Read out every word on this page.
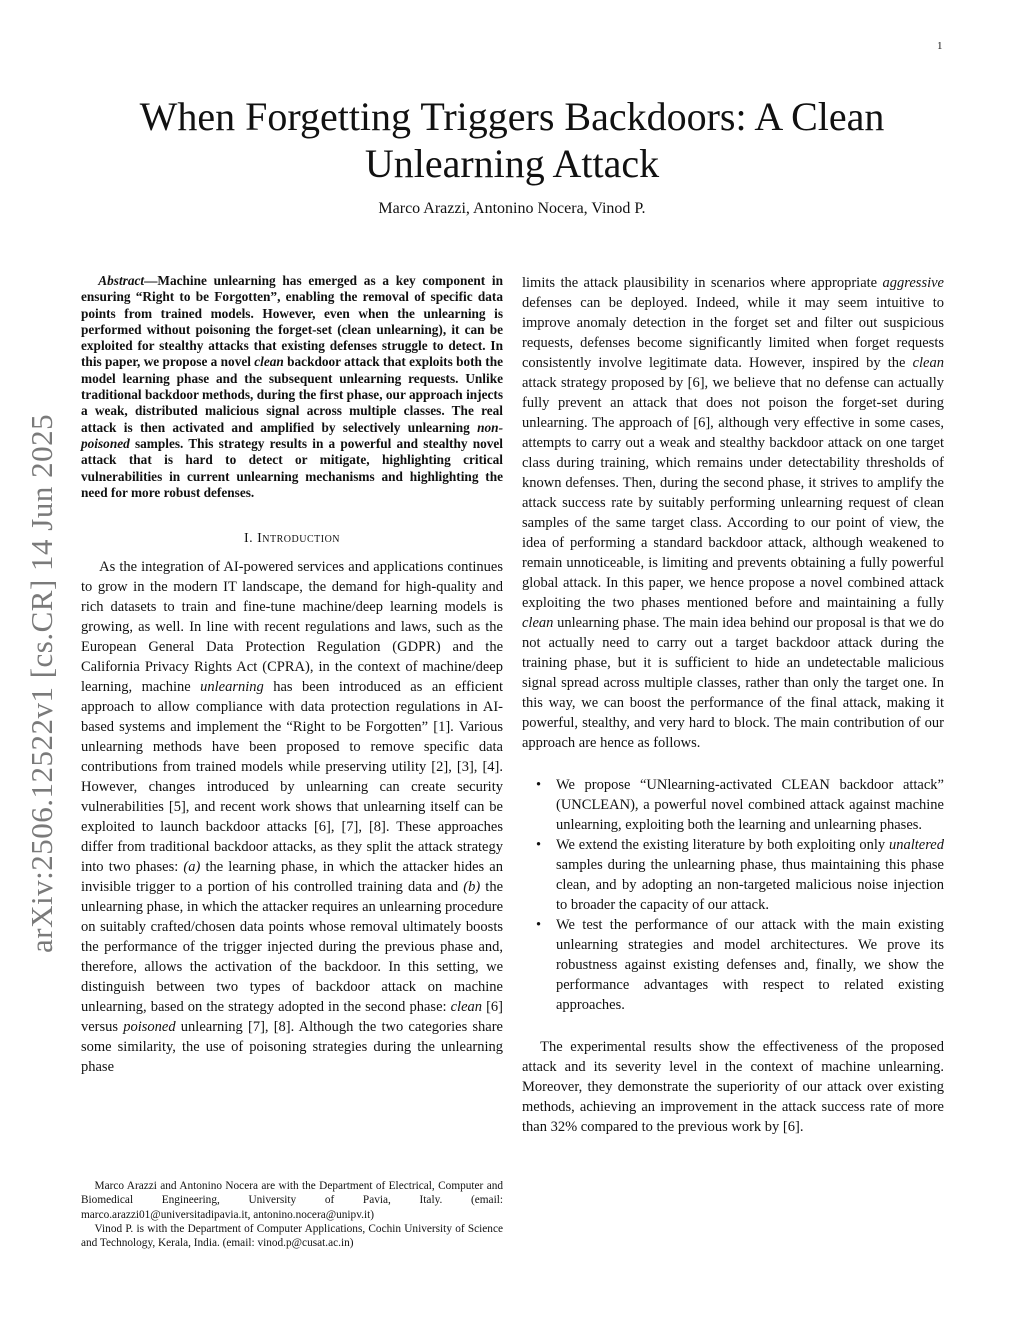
1
arXiv:2506.12522v1 [cs.CR] 14 Jun 2025
When Forgetting Triggers Backdoors: A Clean Unlearning Attack
Marco Arazzi, Antonino Nocera, Vinod P.

Abstract—Machine unlearning has emerged as a key component in ensuring “Right to be Forgotten”, enabling the removal of specific data points from trained models. However, even when the unlearning is performed without poisoning the forget-set (clean unlearning), it can be exploited for stealthy attacks that existing defenses struggle to detect. In this paper, we propose a novel clean backdoor attack that exploits both the model learning phase and the subsequent unlearning requests. Unlike traditional backdoor methods, during the first phase, our approach injects a weak, distributed malicious signal across multiple classes. The real attack is then activated and amplified by selectively unlearning non-poisoned samples. This strategy results in a powerful and stealthy novel attack that is hard to detect or mitigate, highlighting critical vulnerabilities in current unlearning mechanisms and highlighting the need for more robust defenses.

I. Introduction

As the integration of AI-powered services and applications continues to grow in the modern IT landscape, the demand for high-quality and rich datasets to train and fine-tune machine/deep learning models is growing, as well. In line with recent regulations and laws, such as the European General Data Protection Regulation (GDPR) and the California Privacy Rights Act (CPRA), in the context of machine/deep learning, machine unlearning has been introduced as an efficient approach to allow compliance with data protection regulations in AI-based systems and implement the “Right to be Forgotten” [1]. Various unlearning methods have been proposed to remove specific data contributions from trained models while preserving utility [2], [3], [4]. However, changes introduced by unlearning can create security vulnerabilities [5], and recent work shows that unlearning itself can be exploited to launch backdoor attacks [6], [7], [8]. These approaches differ from traditional backdoor attacks, as they split the attack strategy into two phases: (a) the learning phase, in which the attacker hides an invisible trigger to a portion of his controlled training data and (b) the unlearning phase, in which the attacker requires an unlearning procedure on suitably crafted/chosen data points whose removal ultimately boosts the performance of the trigger injected during the previous phase and, therefore, allows the activation of the backdoor. In this setting, we distinguish between two types of backdoor attack on machine unlearning, based on the strategy adopted in the second phase: clean [6] versus poisoned unlearning [7], [8]. Although the two categories share some similarity, the use of poisoning strategies during the unlearning phase

Marco Arazzi and Antonino Nocera are with the Department of Electrical, Computer and Biomedical Engineering, University of Pavia, Italy. (email: marco.arazzi01@universitadipavia.it, antonino.nocera@unipv.it)

Vinod P. is with the Department of Computer Applications, Cochin University of Science and Technology, Kerala, India. (email: vinod.p@cusat.ac.in)

limits the attack plausibility in scenarios where appropriate aggressive defenses can be deployed. Indeed, while it may seem intuitive to improve anomaly detection in the forget set and filter out suspicious requests, defenses become significantly limited when forget requests consistently involve legitimate data. However, inspired by the clean attack strategy proposed by [6], we believe that no defense can actually fully prevent an attack that does not poison the forget-set during unlearning. The approach of [6], although very effective in some cases, attempts to carry out a weak and stealthy backdoor attack on one target class during training, which remains under detectability thresholds of known defenses. Then, during the second phase, it strives to amplify the attack success rate by suitably performing unlearning request of clean samples of the same target class. According to our point of view, the idea of performing a standard backdoor attack, although weakened to remain unnoticeable, is limiting and prevents obtaining a fully powerful global attack. In this paper, we hence propose a novel combined attack exploiting the two phases mentioned before and maintaining a fully clean unlearning phase. The main idea behind our proposal is that we do not actually need to carry out a target backdoor attack during the training phase, but it is sufficient to hide an undetectable malicious signal spread across multiple classes, rather than only the target one. In this way, we can boost the performance of the final attack, making it powerful, stealthy, and very hard to block. The main contribution of our approach are hence as follows.

• We propose “UNlearning-activated CLEAN backdoor attack” (UNCLEAN), a powerful novel combined attack against machine unlearning, exploiting both the learning and unlearning phases.
• We extend the existing literature by both exploiting only unaltered samples during the unlearning phase, thus maintaining this phase clean, and by adopting an non-targeted malicious noise injection to broader the capacity of our attack.
• We test the performance of our attack with the main existing unlearning strategies and model architectures. We prove its robustness against existing defenses and, finally, we show the performance advantages with respect to related existing approaches.

The experimental results show the effectiveness of the proposed attack and its severity level in the context of machine unlearning. Moreover, they demonstrate the superiority of our attack over existing methods, achieving an improvement in the attack success rate of more than 32% compared to the previous work by [6].
